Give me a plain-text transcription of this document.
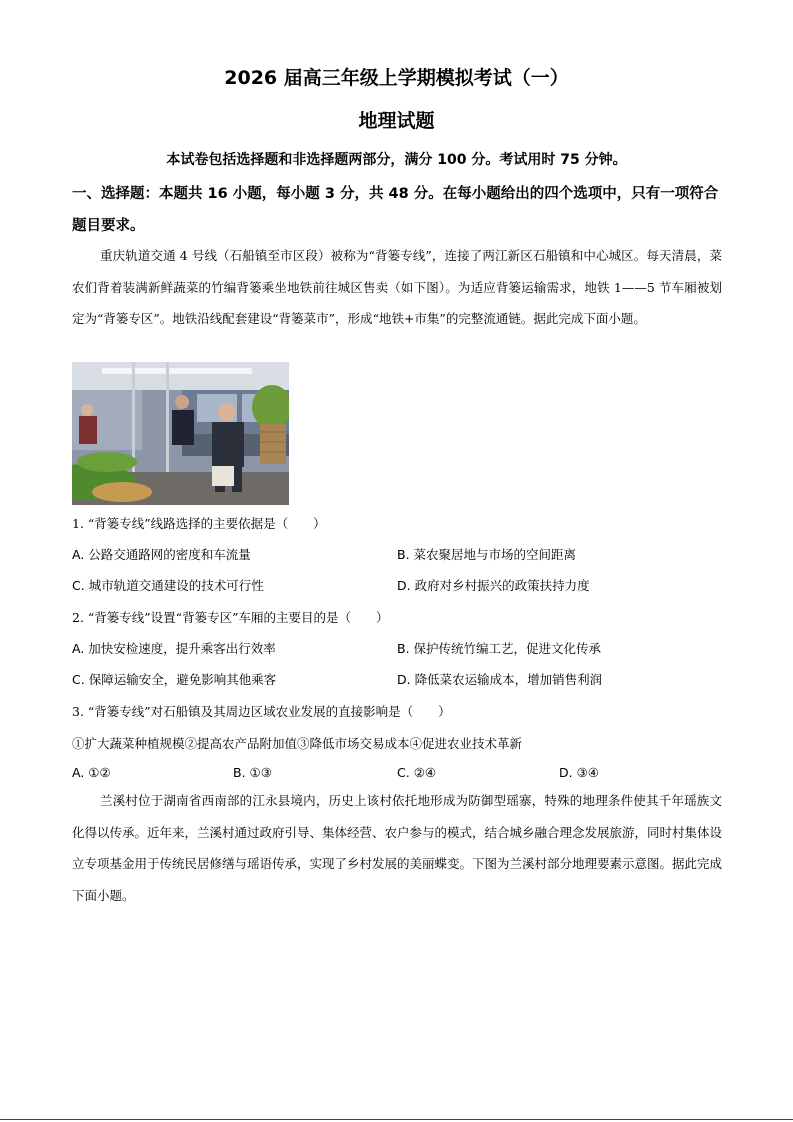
2026 届高三年级上学期模拟考试（一）
地理试题
本试卷包括选择题和非选择题两部分，满分 100 分。考试用时 75 分钟。
一、选择题：本题共 16 小题，每小题 3 分，共 48 分。在每小题给出的四个选项中，只有一项符合题目要求。
重庆轨道交通 4 号线（石船镇至市区段）被称为“背篓专线”，连接了两江新区石船镇和中心城区。每天清晨，菜农们背着装满新鲜蔬菜的竹编背篓乘坐地铁前往城区售卖（如下图）。为适应背篓运输需求，地铁 1——5 节车厢被划定为“背篓专区”。地铁沿线配套建设“背篓菜市”，形成“地铁+市集”的完整流通链。据此完成下面小题。
1. “背篓专线”线路选择的主要依据是（　　）
A. 公路交通路网的密度和车流量	B. 菜农聚居地与市场的空间距离
C. 城市轨道交通建设的技术可行性	D. 政府对乡村振兴的政策扶持力度
2. “背篓专线”设置“背篓专区”车厢的主要目的是（　　）
A. 加快安检速度，提升乘客出行效率	B. 保护传统竹编工艺，促进文化传承
C. 保障运输安全，避免影响其他乘客	D. 降低菜农运输成本，增加销售利润
3. “背篓专线”对石船镇及其周边区域农业发展的直接影响是（　　）
①扩大蔬菜种植规模②提高农产品附加值③降低市场交易成本④促进农业技术革新
A. ①②	B. ①③	C. ②④	D. ③④
兰溪村位于湖南省西南部的江永县境内，历史上该村依托地形成为防御型瑶寨，特殊的地理条件使其千年瑶族文化得以传承。近年来，兰溪村通过政府引导、集体经营、农户参与的模式，结合城乡融合理念发展旅游，同时村集体设立专项基金用于传统民居修缮与瑶语传承，实现了乡村发展的美丽蝶变。下图为兰溪村部分地理要素示意图。据此完成下面小题。
